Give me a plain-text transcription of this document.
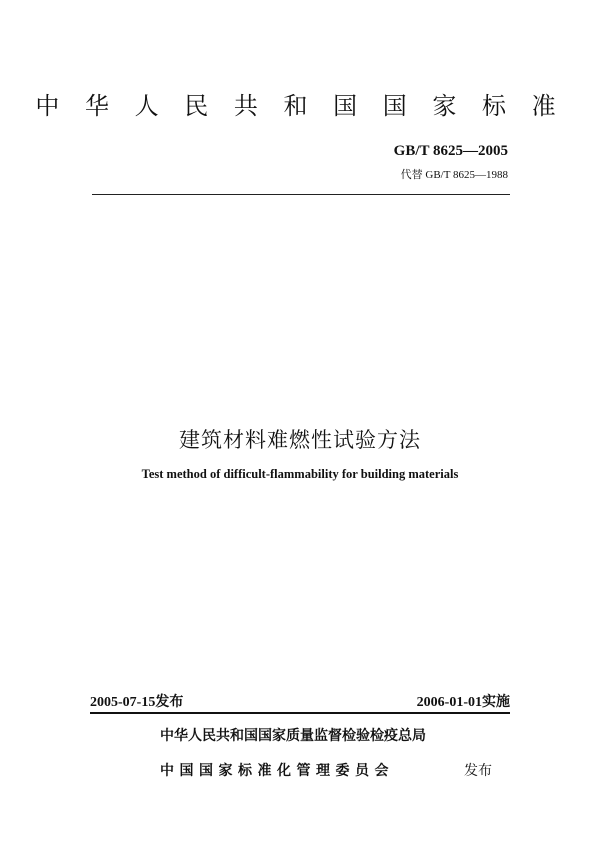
中 华 人 民 共 和 国 国 家 标 准
GB/T 8625—2005
代替 GB/T 8625—1988
建筑材料难燃性试验方法
Test method of difficult-flammability for building materials
2005-07-15发布	2006-01-01实施
中华人民共和国国家质量监督检验检疫总局
中国国家标准化管理委员会	发布
